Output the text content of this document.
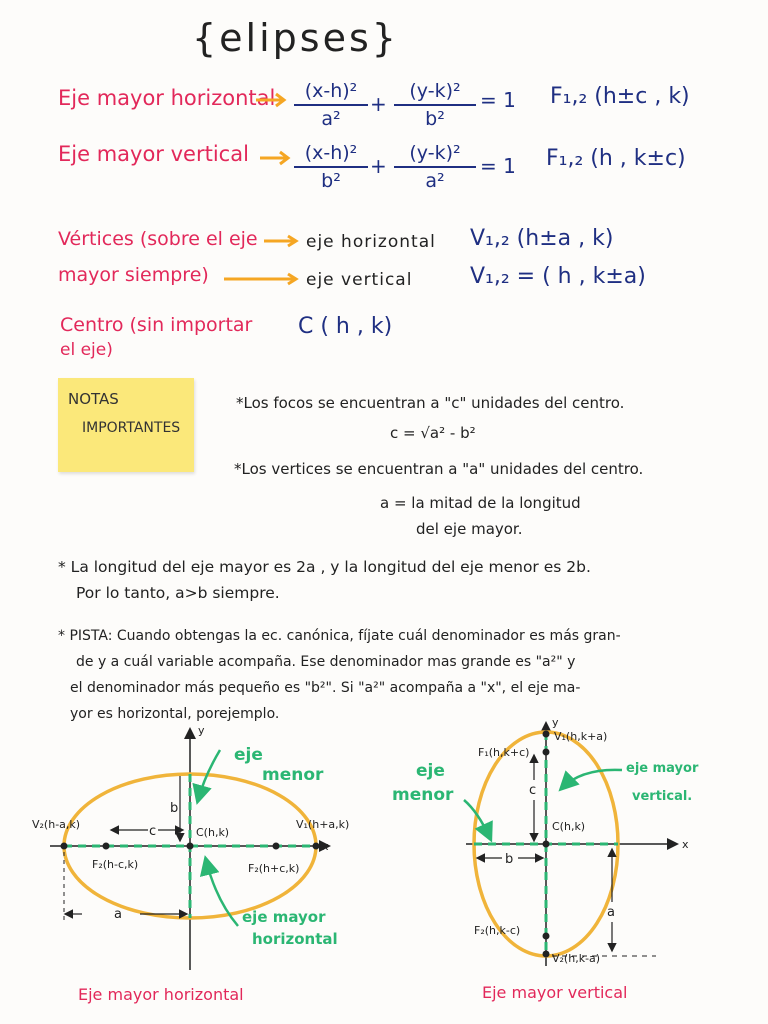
{elipses}
Eje mayor horizontal $\frac{\text{(x-h)²}}{\text{a²}} + \frac{\text{(y-k)²}}{\text{b²}} = 1$ F₁,₂ (h±c , k)
Eje mayor vertical $\frac{\text{(x-h)²}}{\text{b²}} + \frac{\text{(y-k)²}}{\text{a²}} = 1$ F₁,₂ (h , k±c)
Vértices (sobre el eje
mayor siempre)
eje horizontal
eje vertical
V₁,₂ (h±a , k)
V₁,₂ = ( h , k±a)
Centro (sin importar
el eje)
C ( h , k)
NOTAS
IMPORTANTES
*Los focos se encuentran a "c" unidades del centro.
c = √a² - b²
*Los vertices se encuentran a "a" unidades del centro.
a = la mitad de la longitud
del eje mayor.
* La longitud del eje mayor es 2a , y la longitud del eje menor es 2b.
Por lo tanto, a>b siempre.
* PISTA: Cuando obtengas la ec. canónica, fíjate cuál denominador es más gran-
de y a cuál variable acompaña. Ese denominador mas grande es "a²" y
el denominador más pequeño es "b²". Si "a²" acompaña a "x", el eje ma-
yor es horizontal, porejemplo.
y
x
b
c
a
V₂(h-a,k)	V₁(h+a,k)
F₂(h-c,k)	F₂(h+c,k)
C(h,k)
eje
menor
eje mayor
horizontal
Eje mayor horizontal
y
x
c
b
a
F₁(h,k+c)
V₁(h,k+a)
C(h,k)
F₂(h,k-c)
V₂(h,k-a)
eje
menor
eje mayor
vertical.
Eje mayor vertical
